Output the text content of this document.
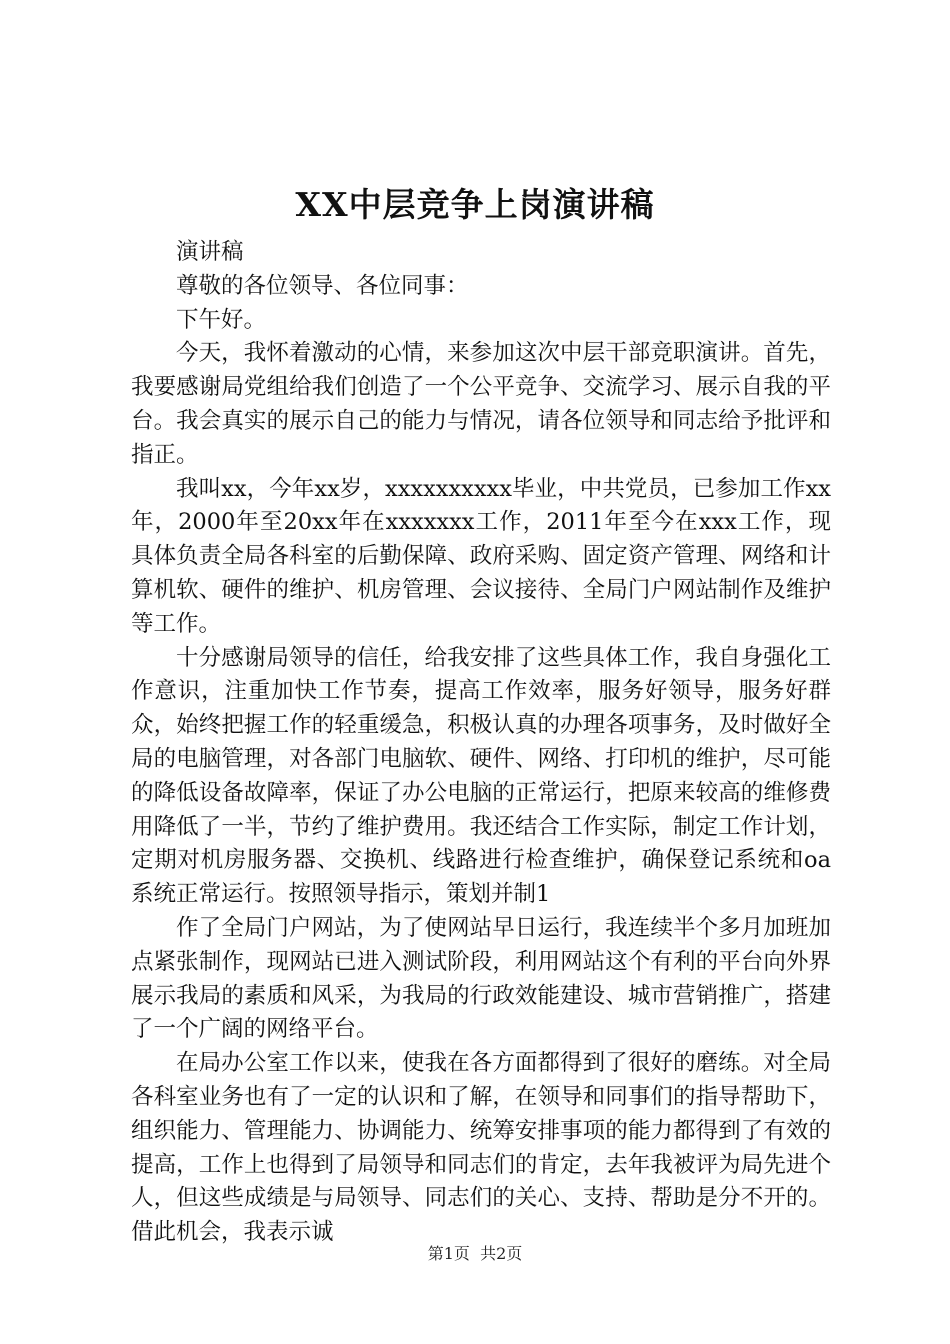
XX中层竞争上岗演讲稿

演讲稿

尊敬的各位领导、各位同事：

下午好。

今天，我怀着激动的心情，来参加这次中层干部竞职演讲。首先，我要感谢局党组给我们创造了一个公平竞争、交流学习、展示自我的平台。我会真实的展示自己的能力与情况，请各位领导和同志给予批评和指正。

我叫xx，今年xx岁，xxxxxxxxxx毕业，中共党员，已参加工作xx年，2000年至20xx年在xxxxxxx工作，2011年至今在xxx工作，现具体负责全局各科室的后勤保障、政府采购、固定资产管理、网络和计算机软、硬件的维护、机房管理、会议接待、全局门户网站制作及维护等工作。

十分感谢局领导的信任，给我安排了这些具体工作，我自身强化工作意识，注重加快工作节奏，提高工作效率，服务好领导，服务好群众，始终把握工作的轻重缓急，积极认真的办理各项事务，及时做好全局的电脑管理，对各部门电脑软、硬件、网络、打印机的维护，尽可能的降低设备故障率，保证了办公电脑的正常运行，把原来较高的维修费用降低了一半，节约了维护费用。我还结合工作实际，制定工作计划，定期对机房服务器、交换机、线路进行检查维护，确保登记系统和oa系统正常运行。按照领导指示，策划并制1

作了全局门户网站，为了使网站早日运行，我连续半个多月加班加点紧张制作，现网站已进入测试阶段，利用网站这个有利的平台向外界展示我局的素质和风采，为我局的行政效能建设、城市营销推广，搭建了一个广阔的网络平台。

在局办公室工作以来，使我在各方面都得到了很好的磨练。对全局各科室业务也有了一定的认识和了解，在领导和同事们的指导帮助下，组织能力、管理能力、协调能力、统筹安排事项的能力都得到了有效的提高，工作上也得到了局领导和同志们的肯定，去年我被评为局先进个人，但这些成绩是与局领导、同志们的关心、支持、帮助是分不开的。借此机会，我表示诚

第1页 共2页
